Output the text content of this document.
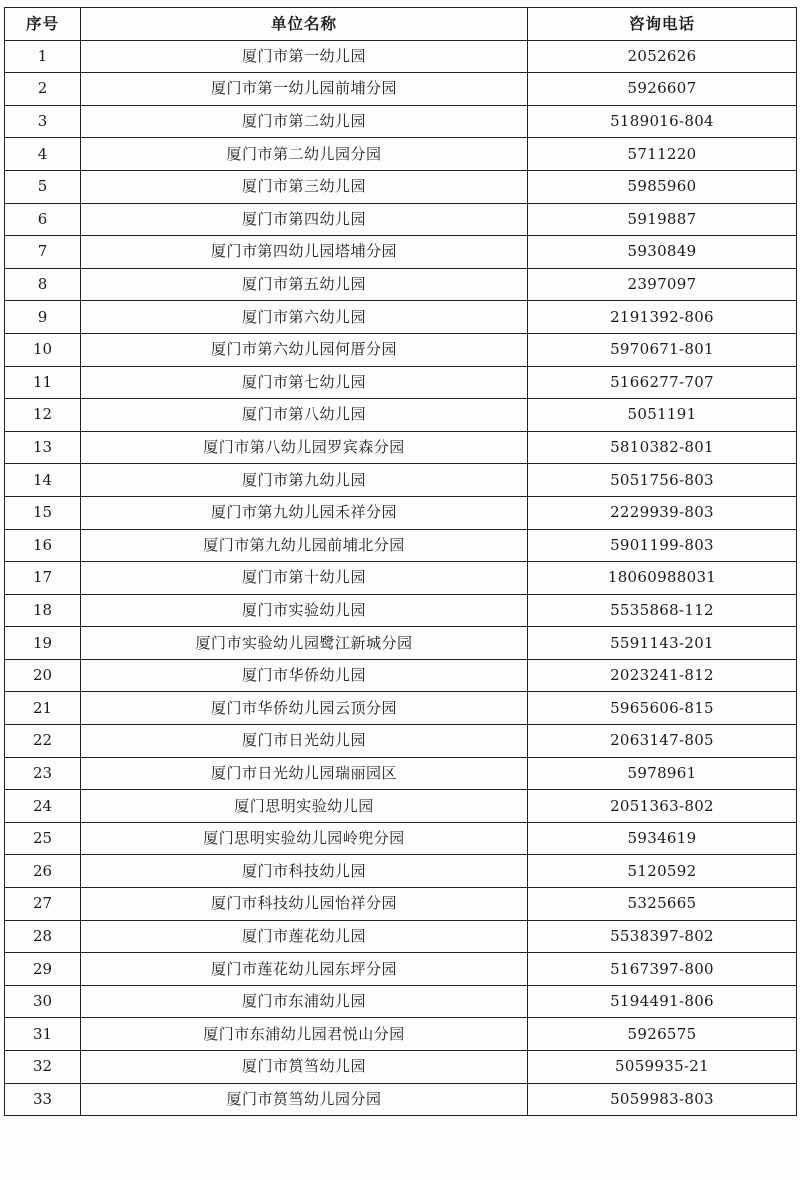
序号	单位名称	咨询电话
1	厦门市第一幼儿园	2052626
2	厦门市第一幼儿园前埔分园	5926607
3	厦门市第二幼儿园	5189016-804
4	厦门市第二幼儿园分园	5711220
5	厦门市第三幼儿园	5985960
6	厦门市第四幼儿园	5919887
7	厦门市第四幼儿园塔埔分园	5930849
8	厦门市第五幼儿园	2397097
9	厦门市第六幼儿园	2191392-806
10	厦门市第六幼儿园何厝分园	5970671-801
11	厦门市第七幼儿园	5166277-707
12	厦门市第八幼儿园	5051191
13	厦门市第八幼儿园罗宾森分园	5810382-801
14	厦门市第九幼儿园	5051756-803
15	厦门市第九幼儿园禾祥分园	2229939-803
16	厦门市第九幼儿园前埔北分园	5901199-803
17	厦门市第十幼儿园	18060988031
18	厦门市实验幼儿园	5535868-112
19	厦门市实验幼儿园鹭江新城分园	5591143-201
20	厦门市华侨幼儿园	2023241-812
21	厦门市华侨幼儿园云顶分园	5965606-815
22	厦门市日光幼儿园	2063147-805
23	厦门市日光幼儿园瑞丽园区	5978961
24	厦门思明实验幼儿园	2051363-802
25	厦门思明实验幼儿园岭兜分园	5934619
26	厦门市科技幼儿园	5120592
27	厦门市科技幼儿园怡祥分园	5325665
28	厦门市莲花幼儿园	5538397-802
29	厦门市莲花幼儿园东坪分园	5167397-800
30	厦门市东浦幼儿园	5194491-806
31	厦门市东浦幼儿园君悦山分园	5926575
32	厦门市筼筜幼儿园	5059935-21
33	厦门市筼筜幼儿园分园	5059983-803
